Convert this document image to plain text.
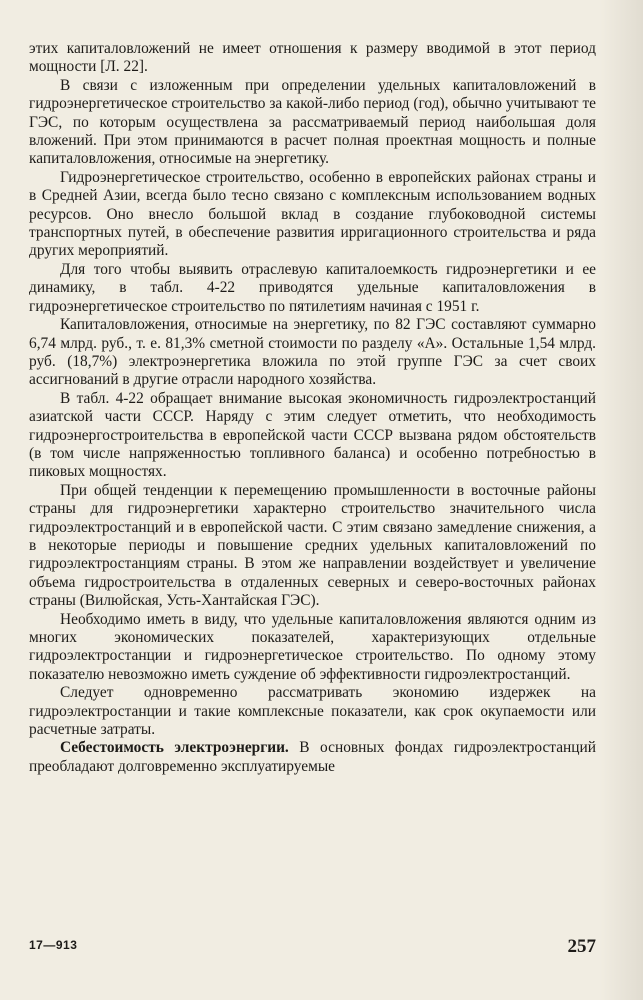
этих капиталовложений не имеет отношения к размеру вводимой в этот период мощности [Л. 22].

В связи с изложенным при определении удельных капиталовложений в гидроэнергетическое строительство за какой-либо период (год), обычно учитывают те ГЭС, по которым осуществлена за рассматриваемый период наибольшая доля вложений. При этом принимаются в расчет полная проектная мощность и полные капиталовложения, относимые на энергетику.

Гидроэнергетическое строительство, особенно в европейских районах страны и в Средней Азии, всегда было тесно связано с комплексным использованием водных ресурсов. Оно внесло большой вклад в создание глубоководной системы транспортных путей, в обеспечение развития ирригационного строительства и ряда других мероприятий.

Для того чтобы выявить отраслевую капиталоемкость гидроэнергетики и ее динамику, в табл. 4-22 приводятся удельные капиталовложения в гидроэнергетическое строительство по пятилетиям начиная с 1951 г.

Капиталовложения, относимые на энергетику, по 82 ГЭС составляют суммарно 6,74 млрд. руб., т. е. 81,3% сметной стоимости по разделу «А». Остальные 1,54 млрд. руб. (18,7%) электроэнергетика вложила по этой группе ГЭС за счет своих ассигнований в другие отрасли народного хозяйства.

В табл. 4-22 обращает внимание высокая экономичность гидроэлектростанций азиатской части СССР. Наряду с этим следует отметить, что необходимость гидроэнергостроительства в европейской части СССР вызвана рядом обстоятельств (в том числе напряженностью топливного баланса) и особенно потребностью в пиковых мощностях.

При общей тенденции к перемещению промышленности в восточные районы страны для гидроэнергетики характерно строительство значительного числа гидроэлектростанций и в европейской части. С этим связано замедление снижения, а в некоторые периоды и повышение средних удельных капиталовложений по гидроэлектростанциям страны. В этом же направлении воздействует и увеличение объема гидростроительства в отдаленных северных и северо-восточных районах страны (Вилюйская, Усть-Хантайская ГЭС).

Необходимо иметь в виду, что удельные капиталовложения являются одним из многих экономических показателей, характеризующих отдельные гидроэлектростанции и гидроэнергетическое строительство. По одному этому показателю невозможно иметь суждение об эффективности гидроэлектростанций.

Следует одновременно рассматривать экономию издержек на гидроэлектростанции и такие комплексные показатели, как срок окупаемости или расчетные затраты.

Себестоимость электроэнергии. В основных фондах гидроэлектростанций преобладают долговременно эксплуатируемые

17—913	257
